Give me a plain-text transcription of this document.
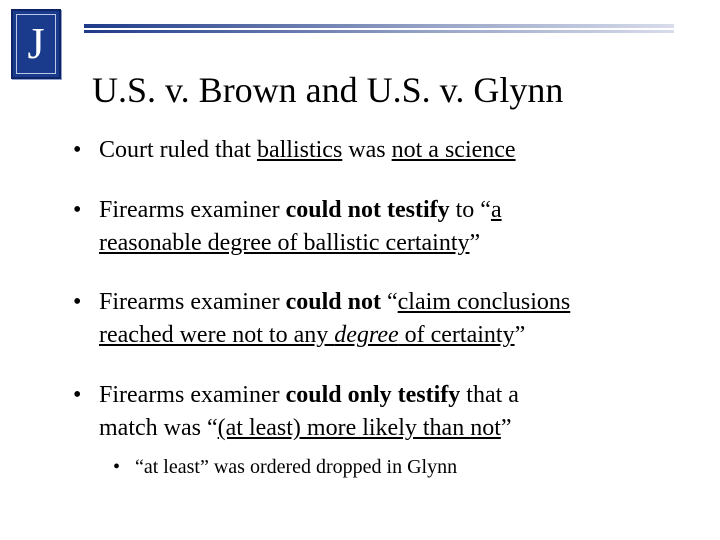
J
U.S. v. Brown and U.S. v. Glynn
• Court ruled that ballistics was not a science
• Firearms examiner could not testify to “a
reasonable degree of ballistic certainty”
• Firearms examiner could not “claim conclusions
reached were not to any degree of certainty”
• Firearms examiner could only testify that a
match was “(at least) more likely than not”
• “at least” was ordered dropped in Glynn
